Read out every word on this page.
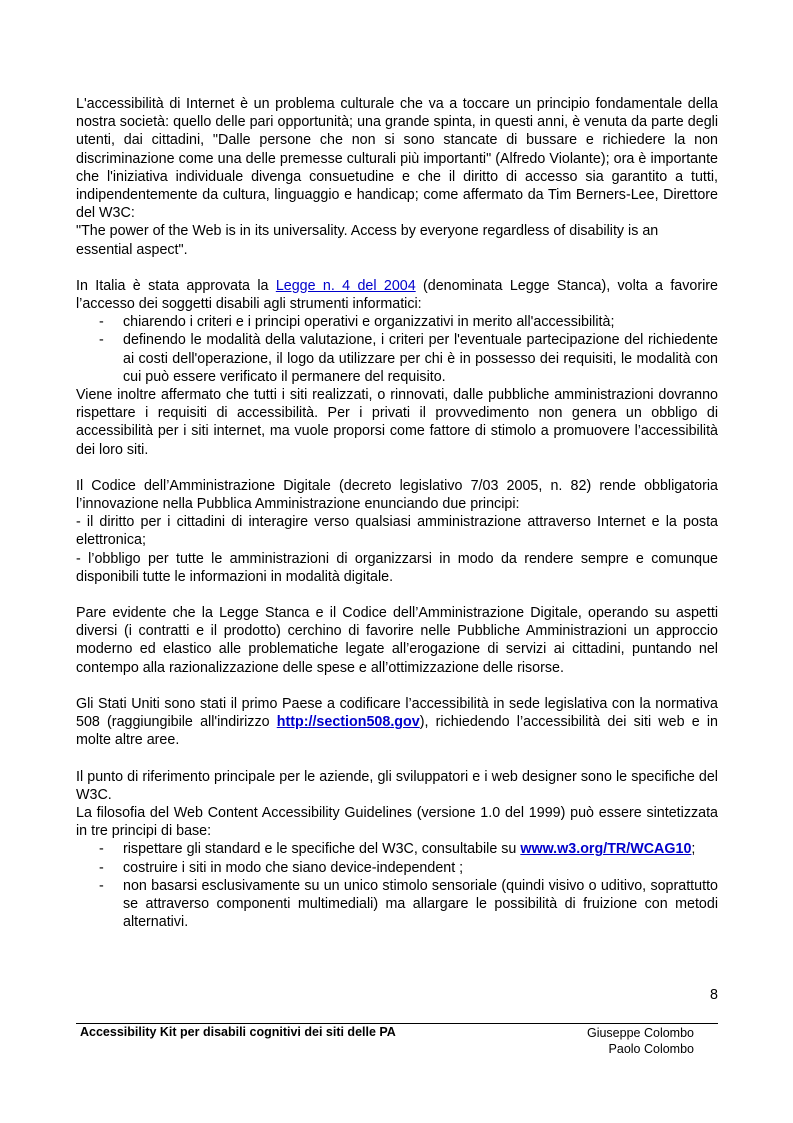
L'accessibilità di Internet è un problema culturale che va a toccare un principio fondamentale della nostra società: quello delle pari opportunità; una grande spinta, in questi anni, è venuta da parte degli utenti, dai cittadini, "Dalle persone che non si sono stancate di bussare e richiedere la non discriminazione come una delle premesse culturali più importanti" (Alfredo Violante); ora è importante che l'iniziativa individuale divenga consuetudine e che il diritto di accesso sia garantito a tutti, indipendentemente da cultura, linguaggio e handicap; come affermato da Tim Berners-Lee, Direttore del W3C:

"The power of the Web is in its universality. Access by everyone regardless of disability is an essential aspect".

In Italia è stata approvata la Legge n. 4 del 2004 (denominata Legge Stanca), volta a favorire l’accesso dei soggetti disabili agli strumenti informatici:

- chiarendo i criteri e i principi operativi e organizzativi in merito all'accessibilità;
- definendo le modalità della valutazione, i criteri per l'eventuale partecipazione del richiedente ai costi dell'operazione, il logo da utilizzare per chi è in possesso dei requisiti, le modalità con cui può essere verificato il permanere del requisito.

Viene inoltre affermato che tutti i siti realizzati, o rinnovati, dalle pubbliche amministrazioni dovranno rispettare i requisiti di accessibilità. Per i privati il provvedimento non genera un obbligo di accessibilità per i siti internet, ma vuole proporsi come fattore di stimolo a promuovere l’accessibilità dei loro siti.

Il Codice dell’Amministrazione Digitale (decreto legislativo 7/03 2005, n. 82) rende obbligatoria l’innovazione nella Pubblica Amministrazione enunciando due principi:

- il diritto per i cittadini di interagire verso qualsiasi amministrazione attraverso Internet e la posta elettronica;

- l’obbligo per tutte le amministrazioni di organizzarsi in modo da rendere sempre e comunque disponibili tutte le informazioni in modalità digitale.

Pare evidente che la Legge Stanca e il Codice dell’Amministrazione Digitale, operando su aspetti diversi (i contratti e il prodotto) cerchino di favorire nelle Pubbliche Amministrazioni un approccio moderno ed elastico alle problematiche legate all’erogazione di servizi ai cittadini, puntando nel contempo alla razionalizzazione delle spese e all’ottimizzazione delle risorse.

Gli Stati Uniti sono stati il primo Paese a codificare l’accessibilità in sede legislativa con la normativa 508 (raggiungibile all'indirizzo http://section508.gov), richiedendo l’accessibilità dei siti web e in molte altre aree.

Il punto di riferimento principale per le aziende, gli sviluppatori e i web designer sono le specifiche del W3C.

La filosofia del Web Content Accessibility Guidelines (versione 1.0 del 1999) può essere sintetizzata in tre principi di base:

- rispettare gli standard e le specifiche del W3C, consultabile su www.w3.org/TR/WCAG10;
- costruire i siti in modo che siano device-independent ;
- non basarsi esclusivamente su un unico stimolo sensoriale (quindi visivo o uditivo, soprattutto se attraverso componenti multimediali) ma allargare le possibilità di fruizione con metodi alternativi.
8
Accessibility Kit per disabili cognitivi dei siti delle PA	Giuseppe Colombo
Paolo Colombo
